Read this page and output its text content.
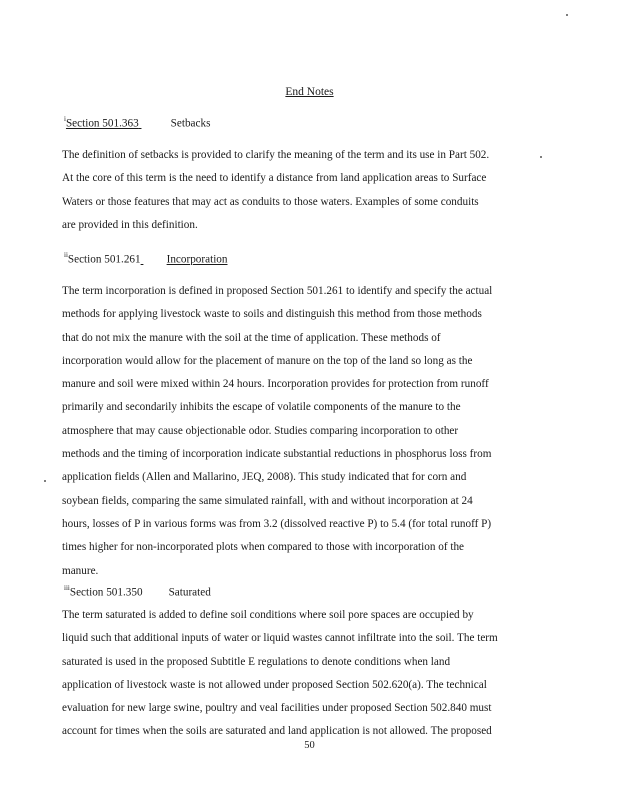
End Notes
$^i$Section 501.363	Setbacks

The definition of setbacks is provided to clarify the meaning of the term and its use in Part 502.
At the core of this term is the need to identify a distance from land application areas to Surface
Waters or those features that may act as conduits to those waters. Examples of some conduits
are provided in this definition.

$^{ii}$Section 501.261 Incorporation

The term incorporation is defined in proposed Section 501.261 to identify and specify the actual
methods for applying livestock waste to soils and distinguish this method from those methods
that do not mix the manure with the soil at the time of application. These methods of
incorporation would allow for the placement of manure on the top of the land so long as the
manure and soil were mixed within 24 hours. Incorporation provides for protection from runoff
primarily and secondarily inhibits the escape of volatile components of the manure to the
atmosphere that may cause objectionable odor. Studies comparing incorporation to other
methods and the timing of incorporation indicate substantial reductions in phosphorus loss from
application fields (Allen and Mallarino, JEQ, 2008). This study indicated that for corn and
soybean fields, comparing the same simulated rainfall, with and without incorporation at 24
hours, losses of P in various forms was from 3.2 (dissolved reactive P) to 5.4 (for total runoff P)
times higher for non-incorporated plots when compared to those with incorporation of the
manure.

$^{iii}$Section 501.350 Saturated

The term saturated is added to define soil conditions where soil pore spaces are occupied by
liquid such that additional inputs of water or liquid wastes cannot infiltrate into the soil. The term
saturated is used in the proposed Subtitle E regulations to denote conditions when land
application of livestock waste is not allowed under proposed Section 502.620(a). The technical
evaluation for new large swine, poultry and veal facilities under proposed Section 502.840 must
account for times when the soils are saturated and land application is not allowed. The proposed

50
